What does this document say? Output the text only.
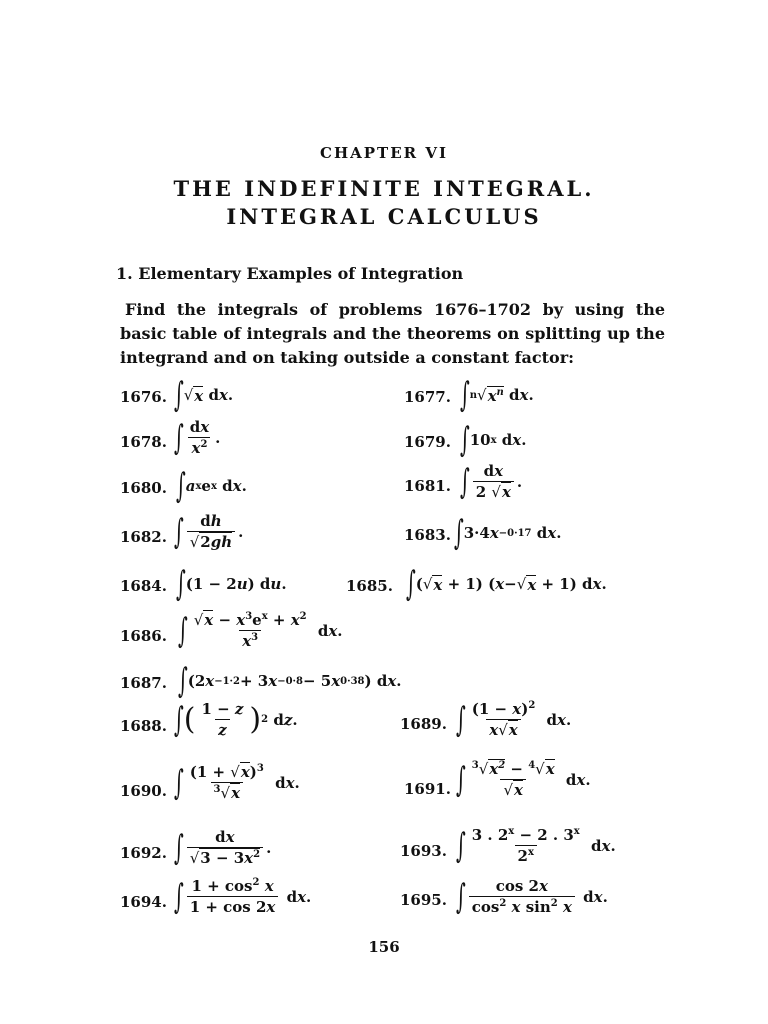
CHAPTER VI
THE INDEFINITE INTEGRAL.
INTEGRAL CALCULUS
1. Elementary Examples of Integration
Find the integrals of problems 1676–1702 by using the
basic table of integrals and the theorems on splitting up the
integrand and on taking outside a constant factor:
1676. ∫ √ x d x .	1677. ∫ n √ $x^n$ d x .
1678. ∫ $\frac{dx}{x^2}$ .	1679. ∫ 10 x d x .
1680. ∫ a x e x d x .	1681. ∫ $\frac{dx}{2 √x}$ .
1682. ∫ $\frac{dh}{√2gh}$ .	1683. ∫ 3·4 x −0·17 d x .
1684. ∫ (1 − 2 u ) d u .	1685. ∫ ( √ x + 1) ( x − √ x + 1) d x .
1686. ∫ $\frac{√x - x^3e^x + x^2}{x^3}$ d x .
1687. ∫ (2 x −1·2 + 3 x −0·8 − 5 x 0·38 ) d x .
1688. ∫ ( $\frac{1 - z}{z}$ ) 2 d z .	1689. ∫ $\frac{(1 - x)^2}{x√x}$ d x .
1690. ∫ $\frac{(1 + √x)^3}{^3√x}$ d x .	1691. ∫ $\frac{^3√x^2 - ^4√x}{√x}$ d x .
1692. ∫ $\frac{dx}{√3 - 3x^2}$ .	1693. ∫ $\frac{3 . 2^x - 2 . 3^x}{2^x}$ d x .
1694. ∫ $\frac{1 + \cos^2 x}{1 + \cos 2x}$ d x .	1695. ∫ $\frac{\cos 2x}{\cos^2 x \sin^2 x}$ d x .
156
